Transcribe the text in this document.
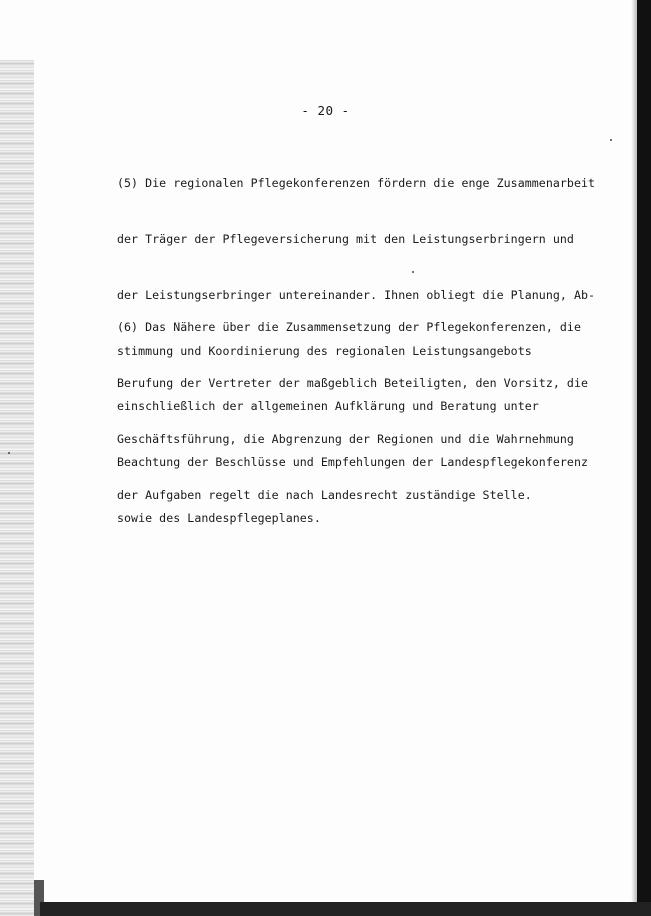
- 20 -

(5) Die regionalen Pflegekonferenzen fördern die enge Zusammenarbeit

der Träger der Pflegeversicherung mit den Leistungserbringern und

der Leistungserbringer untereinander. Ihnen obliegt die Planung, Ab-

stimmung und Koordinierung des regionalen Leistungsangebots

einschließlich der allgemeinen Aufklärung und Beratung unter

Beachtung der Beschlüsse und Empfehlungen der Landespflegekonferenz

sowie des Landespflegeplanes.

(6) Das Nähere über die Zusammensetzung der Pflegekonferenzen, die

Berufung der Vertreter der maßgeblich Beteiligten, den Vorsitz, die

Geschäftsführung, die Abgrenzung der Regionen und die Wahrnehmung

der Aufgaben regelt die nach Landesrecht zuständige Stelle.
